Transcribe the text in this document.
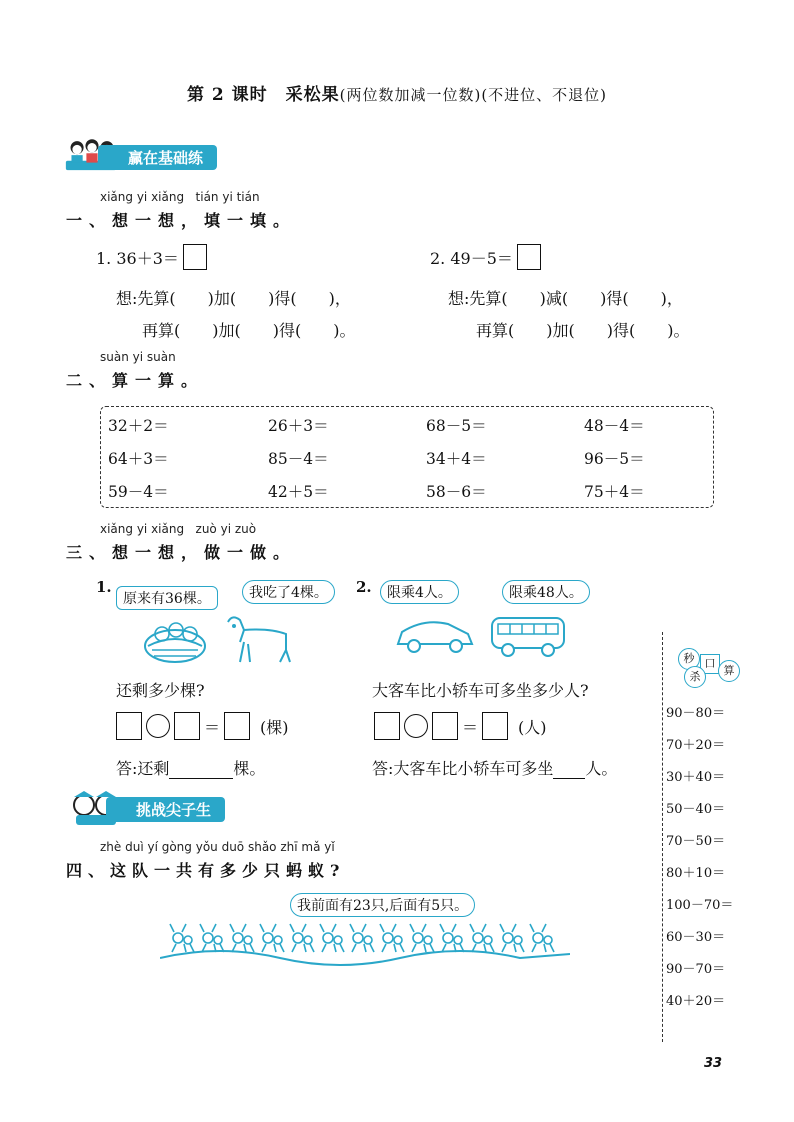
第 2 课时　采松果(两位数加减一位数)(不进位、不退位)
赢在基础练
xiǎng yi xiǎng   tián yi tián
一、想一想，填一填。
1. 36＋3＝
想:先算(　　)加(　　)得(　　)，
再算(　　)加(　　)得(　　)。
2. 49－5＝
想:先算(　　)减(　　)得(　　)，
再算(　　)加(　　)得(　　)。
suàn yi suàn
二、算一算。
32＋2＝	26＋3＝	68－5＝	48－4＝
64＋3＝	85－4＝	34＋4＝	96－5＝
59－4＝	42＋5＝	58－6＝	75＋4＝
xiǎng yi xiǎng   zuò yi zuò
三、想一想，做一做。
1.
原来有36棵。	我吃了4棵。
还剩多少棵?
＝	(棵)
答:还剩	棵。
2.	限乘4人。	限乘48人。
大客车比小轿车可多坐多少人?
＝	(人)
答:大客车比小轿车可多坐 人。
挑战尖子生
zhè duì yí gòng yǒu duō shǎo zhī mǎ yǐ
四、这队一共有多少只蚂蚁?
我前面有23只,后面有5只。
秒 口
杀	算
90－80＝
70＋20＝
30＋40＝
50－40＝
70－50＝
80＋10＝
100－70＝
60－30＝
90－70＝
40＋20＝
33
